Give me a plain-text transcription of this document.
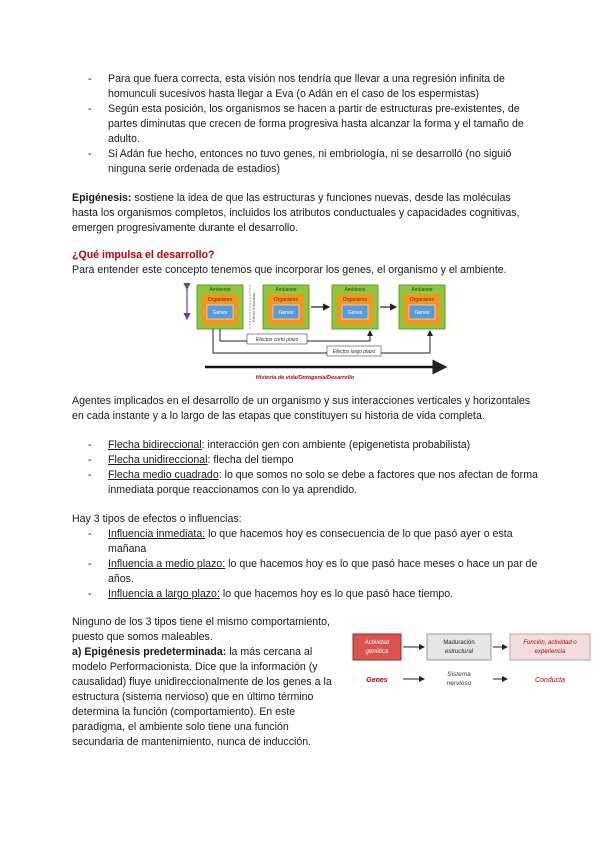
- Para que fuera correcta, esta visión nos tendría que llevar a una regresión infinita de homunculi sucesivos hasta llegar a Eva (o Adán en el caso de los espermistas)
- Según esta posición, los organismos se hacen a partir de estructuras pre-existentes, de partes diminutas que crecen de forma progresiva hasta alcanzar la forma y el tamaño de adulto.
- Si Adán fue hecho, entonces no tuvo genes, ni embriología, ni se desarrolló (no siguió ninguna serie ordenada de estadios)
Epigénesis: sostiene la idea de que las estructuras y funciones nuevas, desde las moléculas hasta los organismos completos, incluidos los atributos conductuales y capacidades cognitivas, emergen progresivamente durante el desarrollo.
¿Qué impulsa el desarrollo?
Para entender este concepto tenemos que incorporar los genes, el organismo y el ambiente.
Ambiente
Organismo
Genes	Efecto inmediato
Ambiente
Organismo
Genes
Ambiente
Organismo
Genes
Ambiente
Organismo
Genes
Efectos corto plazo
Efectos largo plazo
Historia de vida/Ontogenia/Desarrollo
Agentes implicados en el desarrollo de un organismo y sus interacciones verticales y horizontales en cada instante y a lo largo de las etapas que constituyen su historia de vida completa.
- Flecha bidireccional: interacción gen con ambiente (epigenetista probabilista)
- Flecha unidireccional: flecha del tiempo
- Flecha medio cuadrado: lo que somos no solo se debe a factores que nos afectan de forma inmediata porque reaccionamos con lo ya aprendido.
Hay 3 tipos de efectos o influencias:
- Influencia inmediata: lo que hacemos hoy es consecuencia de lo que pasó ayer o esta mañana
- Influencia a medio plazo: lo que hacemos hoy es lo que pasó hace meses o hace un par de años.
- Influencia a largo plazo: lo que hacemos hoy es lo que pasó hace tiempo.
Ninguno de los 3 tipos tiene el mismo comportamiento, puesto que somos maleables.
a) Epigénesis predeterminada: la más cercana al modelo Performacionista. Dice que la información (y causalidad) fluye unidireccionalmente de los genes a la estructura (sistema nervioso) que en último término determina la función (comportamiento). En este paradigma, el ambiente solo tiene una función secundaria de mantenimiento, nunca de inducción.
Actividad
genética
Maduración
estructural
Función, actividad o
experiencia
Genes
Sistema
nervioso	Conducta
